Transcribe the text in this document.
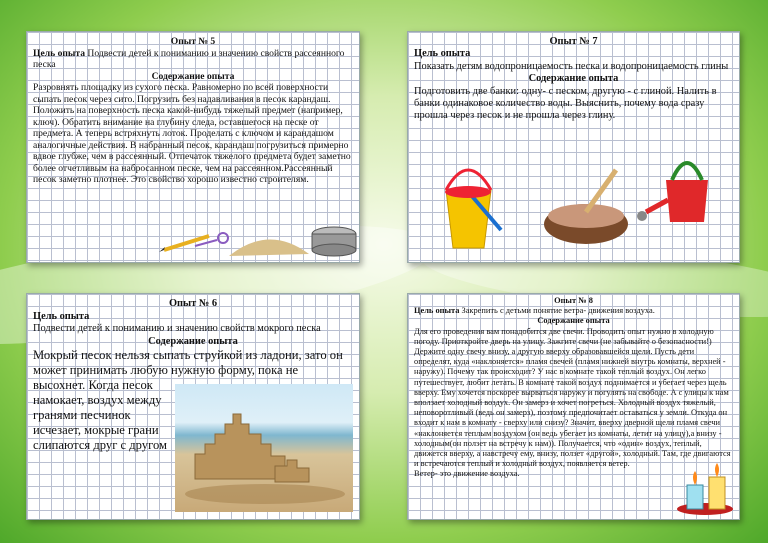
Опыт № 5

Цель опыта Подвести детей к пониманию и значению свойств рассеянного песка

Содержание опыта

Разровнять площадку из сухого песка. Равномерно по всей поверхности сыпать песок через сито. Погрузить без надавливания в песок карандаш. Положить на поверхность песка какой-нибудь тяжелый предмет (например, ключ). Обратить внимание на глубину следа, оставшегося на песке от предмета. А теперь встряхнуть лоток. Проделать с ключом и карандашом аналогичные действия. В набранный песок, карандаш погрузиться примерно вдвое глубже, чем в рассеянный. Отпечаток тяжелого предмета будет заметно более отчетливым на набросанном песке, чем на рассеянном.Рассеянный песок заметно плотнее. Это свойство хорошо известно строителям.

Опыт № 7
Цель опыта

Показать детям водопроницаемость песка и водопроницаемость глины

Содержание опыта

Подготовить две банки: одну- с песком, другую - с глиной. Налить в банки одинаковое количество воды. Выяснить, почему вода сразу прошла через песок и не прошла через глину.

Опыт № 6
Цель опыта

Подвести детей к пониманию и значению свойств мокрого песка

Содержание опыта
Мокрый песок нельзя сыпать струйкой из ладони, зато он может принимать любую нужную форму, пока не
высохнет. Когда песок
намокает, воздух между
гранями песчинок
исчезает, мокрые грани
слипаются друг с другом
Опыт № 8

Цель опыта Закрепить с детьми понятие ветра- движения воздуха.

Содержание опыта

Для его проведения вам понадобится две свечи. Проводить опыт нужно в холодную погоду. Приоткройте дверь на улицу. Зажгите свечи (не забывайте о безопасности!) Держите одну свечу внизу, а другую вверху образовавшейся щели. Пусть дети определят, куда «наклоняется» пламя свечей (пламя нижней внутрь комнаты, верхней - наружу). Почему так происходит? У нас в комнате такой теплый воздух. Он легко путешествует, любит летать. В комнате такой воздух поднимается и убегает через щель вверху. Ему хочется поскорее вырваться наружу и погулять на свободе. А с улицы к нам вползает холодный воздух. Он замерз и хочет погреться. Холодный воздух тяжелый, неповоротливый (ведь он замерз), поэтому предпочитает оставаться у земли. Откуда он входит к нам в комнату - сверху или снизу? Значит, вверху дверной щели пламя свечи «наклоняется теплым воздухом (он ведь убегает из комнаты, летит на улицу),а внизу - холодным(он ползет на встречу к нам)). Получается, что «один» воздух, теплый, движется вверху, а навстречу ему, внизу, ползет «другой», холодный. Там, где двигаются и встречаются теплый и холодный воздух, появляется ветер.

Ветер- это движение воздуха.
